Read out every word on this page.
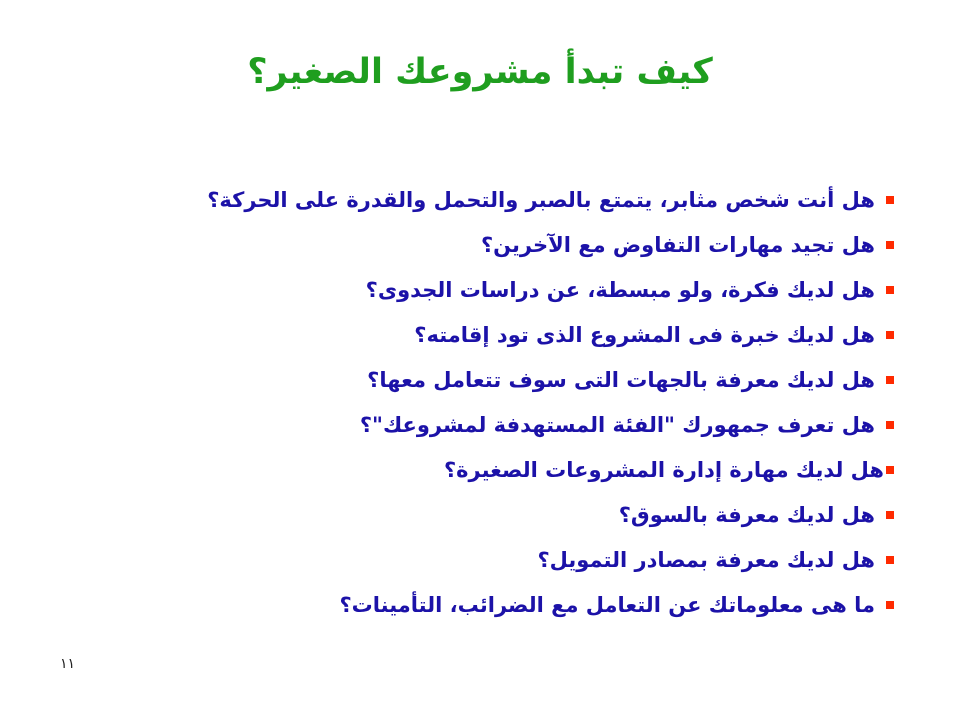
كيف تبدأ مشروعك الصغير؟
هل أنت شخص مثابر، يتمتع بالصبر والتحمل والقدرة على الحركة؟
هل تجيد مهارات التفاوض مع الآخرين؟
هل لديك فكرة، ولو مبسطة، عن دراسات الجدوى؟
هل لديك خبرة فى المشروع الذى تود إقامته؟
هل لديك معرفة بالجهات التى سوف تتعامل معها؟
هل تعرف جمهورك "الفئة المستهدفة لمشروعك"؟
هل لديك مهارة إدارة المشروعات الصغيرة؟
هل لديك معرفة بالسوق؟
هل لديك معرفة بمصادر التمويل؟
ما هى معلوماتك عن التعامل مع الضرائب، التأمينات؟
١١
